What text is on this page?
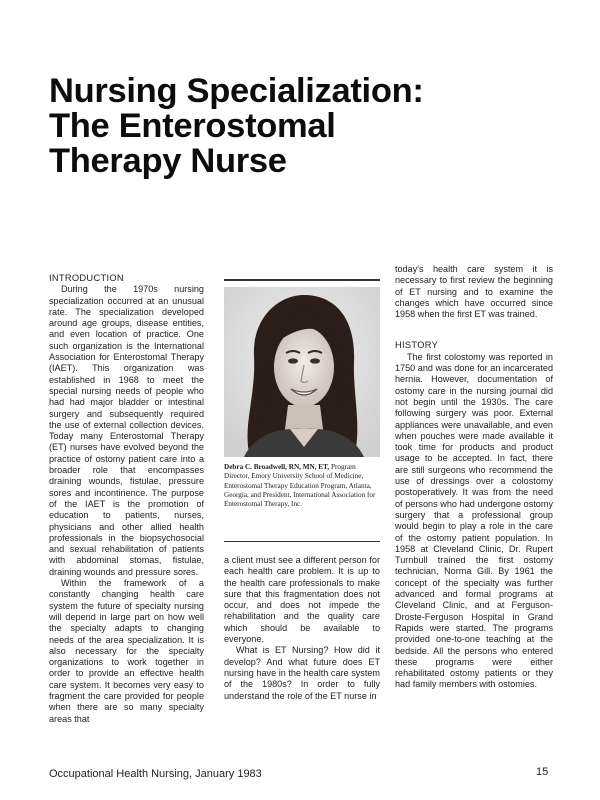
Nursing Specialization:
The Enterostomal
Therapy Nurse

INTRODUCTION

During the 1970s nursing specialization occurred at an unusual rate. The specialization developed around age groups, disease entities, and even location of practice. One such organization is the International Association for Enterostomal Therapy (IAET). This organization was established in 1968 to meet the special nursing needs of people who had had major bladder or intestinal surgery and subsequently required the use of external collection devices. Today many Enterostomal Therapy (ET) nurses have evolved beyond the practice of ostomy patient care into a broader role that encompasses draining wounds, fistulae, pressure sores and incontinence. The purpose of the IAET is the promotion of education to patients, nurses, physicians and other allied health professionals in the biopsychosocial and sexual rehabilitation of patients with abdominal stomas, fistulae, draining wounds and pressure sores.

Within the framework of a constantly changing health care system the future of specialty nursing will depend in large part on how well the specialty adapts to changing needs of the area specialization. It is also necessary for the specialty organizations to work together in order to provide an effective health care system. It becomes very easy to fragment the care provided for people when there are so many specialty areas that

Debra C. Broadwell, RN, MN, ET, Program Director, Emory University School of Medicine, Enterostomal Therapy Education Program, Atlanta, Georgia, and President, International Association for Enterostomal Therapy, Inc.

a client must see a different person for each health care problem. It is up to the health care professionals to make sure that this fragmentation does not occur, and does not impede the rehabilitation and the quality care which should be available to everyone.

What is ET Nursing? How did it develop? And what future does ET nursing have in the health care system of the 1980s? In order to fully understand the role of the ET nurse in

today's health care system it is necessary to first review the beginning of ET nursing and to examine the changes which have occurred since 1958 when the first ET was trained.

HISTORY

The first colostomy was reported in 1750 and was done for an incarcerated hernia. However, documentation of ostomy care in the nursing journal did not begin until the 1930s. The care following surgery was poor. External appliances were unavailable, and even when pouches were made available it took time for products and product usage to be accepted. In fact, there are still surgeons who recommend the use of dressings over a colostomy postoperatively. It was from the need of persons who had undergone ostomy surgery that a professional group would begin to play a role in the care of the ostomy patient population. In 1958 at Cleveland Clinic, Dr. Rupert Turnbull trained the first ostomy technician, Norma Gill. By 1961 the concept of the specialty was further advanced and formal programs at Cleveland Clinic, and at Ferguson-Droste-Ferguson Hospital in Grand Rapids were started. The programs provided one-to-one teaching at the bedside. All the persons who entered these programs were either rehabilitated ostomy patients or they had family members with ostomies.

Occupational Health Nursing, January 1983	15
